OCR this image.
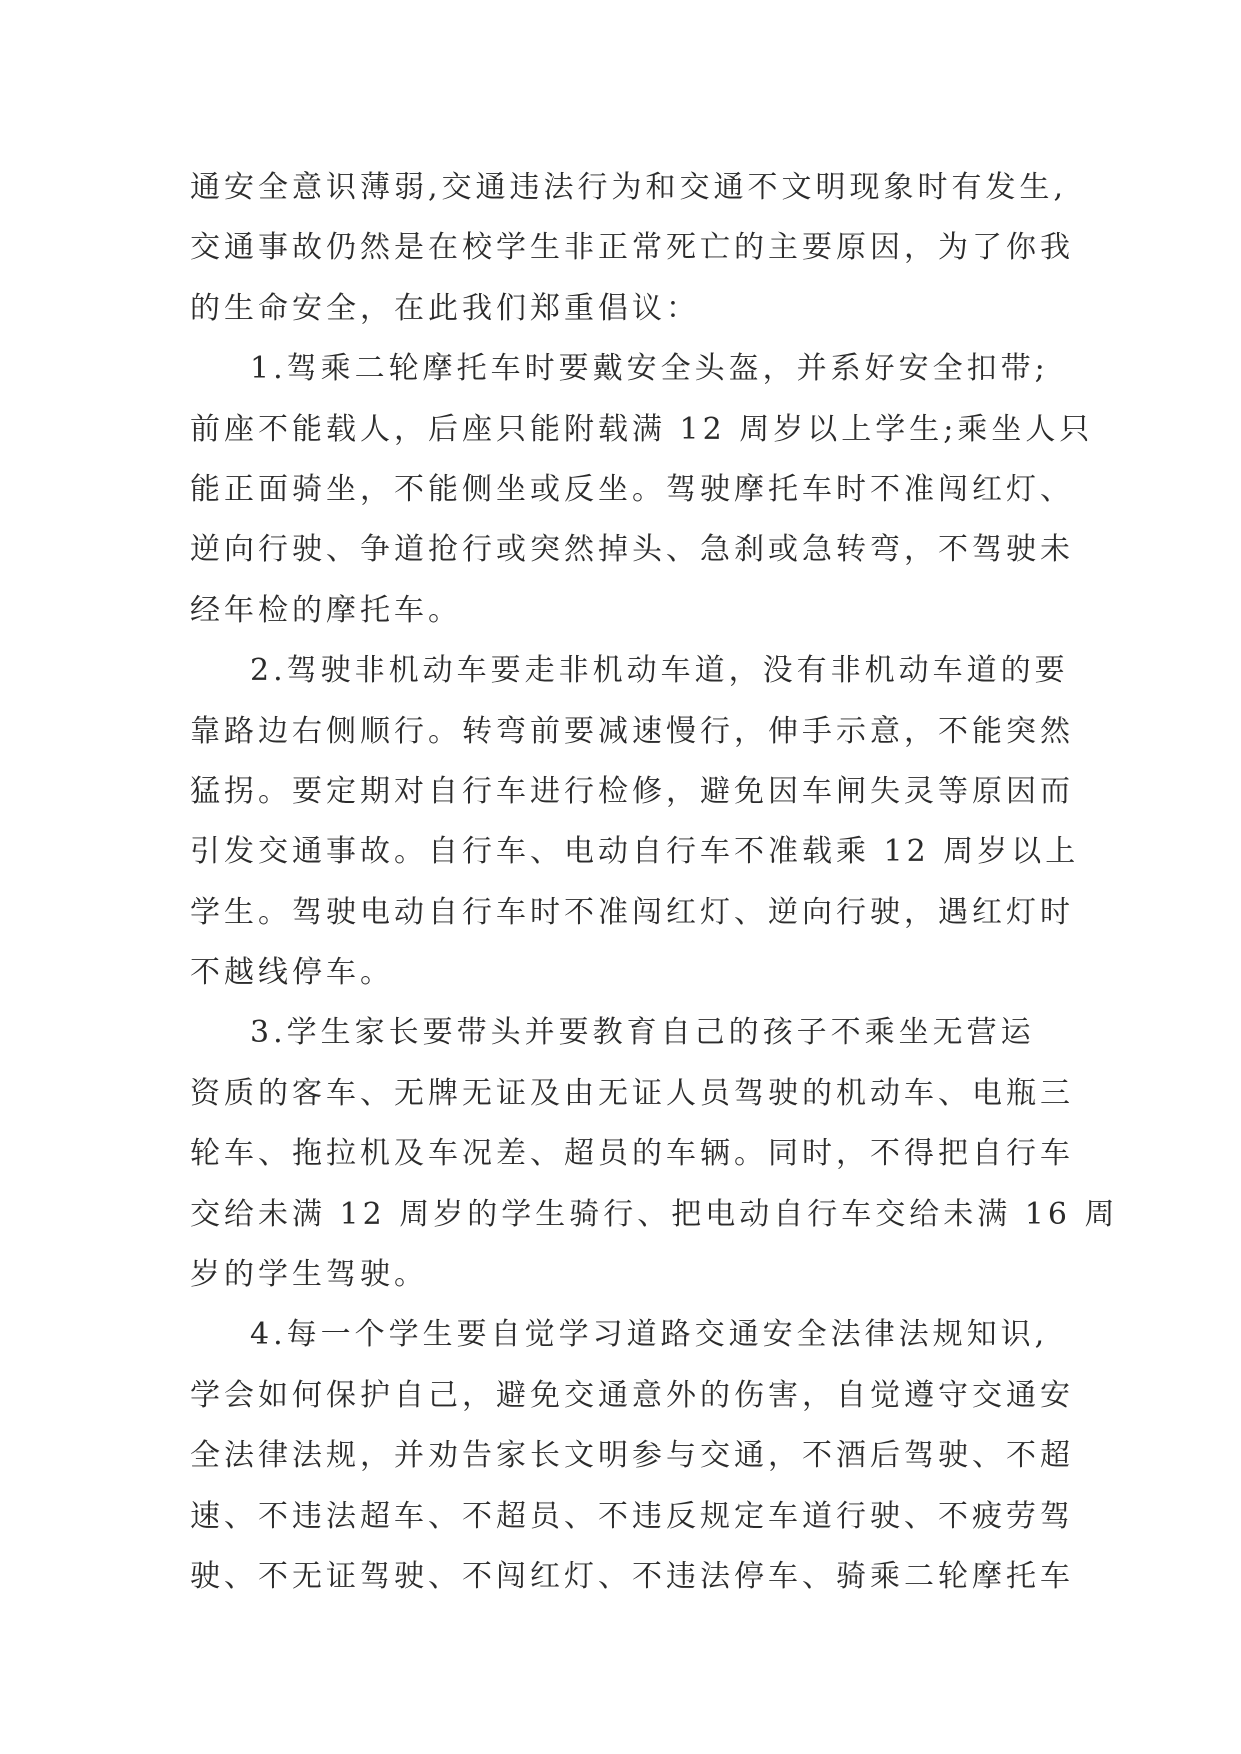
通安全意识薄弱,交通违法行为和交通不文明现象时有发生,
交通事故仍然是在校学生非正常死亡的主要原因，为了你我
的生命安全，在此我们郑重倡议：
1.驾乘二轮摩托车时要戴安全头盔，并系好安全扣带;
前座不能载人，后座只能附载满 12 周岁以上学生;乘坐人只
能正面骑坐，不能侧坐或反坐。驾驶摩托车时不准闯红灯、
逆向行驶、争道抢行或突然掉头、急刹或急转弯，不驾驶未
经年检的摩托车。
2.驾驶非机动车要走非机动车道，没有非机动车道的要
靠路边右侧顺行。转弯前要减速慢行，伸手示意，不能突然
猛拐。要定期对自行车进行检修，避免因车闸失灵等原因而
引发交通事故。自行车、电动自行车不准载乘 12 周岁以上
学生。驾驶电动自行车时不准闯红灯、逆向行驶，遇红灯时
不越线停车。
3.学生家长要带头并要教育自己的孩子不乘坐无营运
资质的客车、无牌无证及由无证人员驾驶的机动车、电瓶三
轮车、拖拉机及车况差、超员的车辆。同时，不得把自行车
交给未满 12 周岁的学生骑行、把电动自行车交给未满 16 周
岁的学生驾驶。
4.每一个学生要自觉学习道路交通安全法律法规知识,
学会如何保护自己，避免交通意外的伤害，自觉遵守交通安
全法律法规，并劝告家长文明参与交通，不酒后驾驶、不超
速、不违法超车、不超员、不违反规定车道行驶、不疲劳驾
驶、不无证驾驶、不闯红灯、不违法停车、骑乘二轮摩托车
